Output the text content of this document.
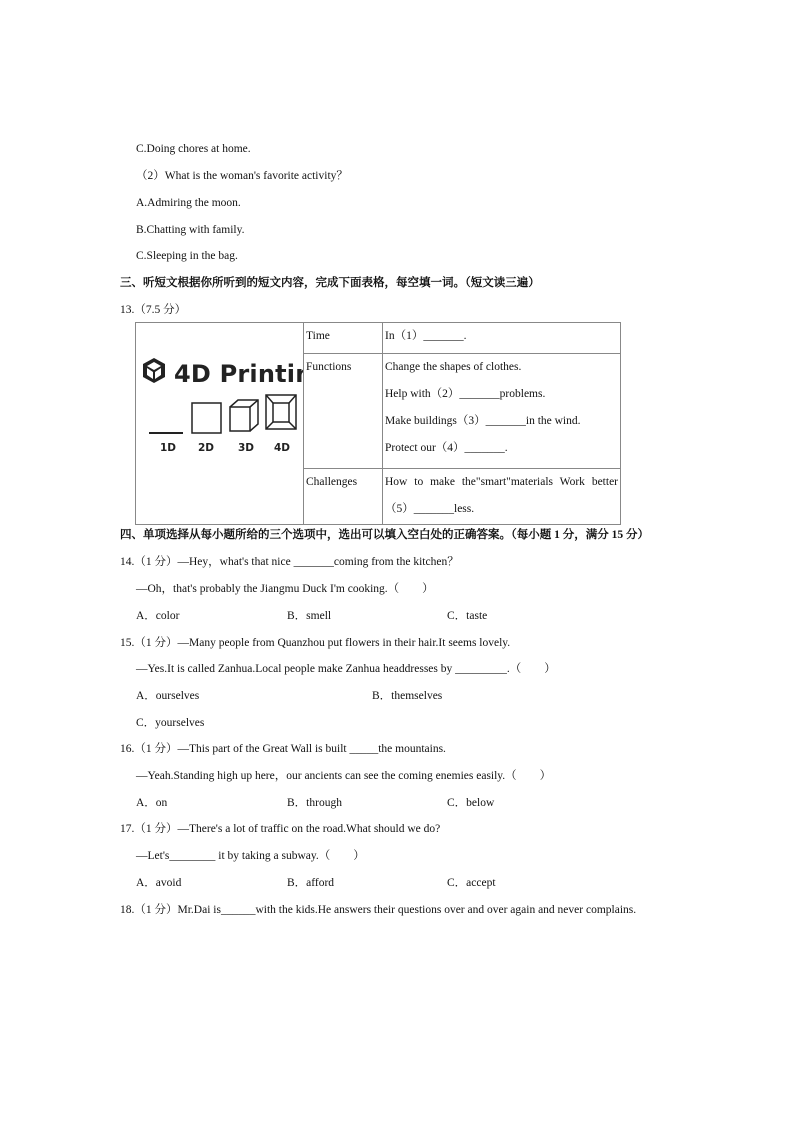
C.Doing chores at home.
（2）What is the woman's favorite activity？
A.Admiring the moon.
B.Chatting with family.
C.Sleeping in the bag.
三、听短文根据你所听到的短文内容，完成下面表格，每空填一词。（短文读三遍）
13.（7.5 分）
4D Printi
1D 2D 3D 4D	Time	In（1）_______.

	Functions	Change the shapes of clothes.
Help with（2）_______problems.
Make buildings（3）_______in the wind.
Protect our（4）_______.

	Challenges	How to make the"smart"materials Work better
（5）_______less.
四、单项选择从每小题所给的三个选项中，选出可以填入空白处的正确答案。（每小题 1 分，满分 15 分）
14.（1 分）—Hey，what's that nice _______coming from the kitchen？
—Oh，that's probably the Jiangmu Duck I'm cooking.（　　）
A．color	B．smell	C．taste
15.（1 分）—Many people from Quanzhou put flowers in their hair.It seems lovely.
—Yes.It is called Zanhua.Local people make Zanhua headdresses by _________.（　　）
A．ourselves	B．themselves
C．yourselves
16.（1 分）—This part of the Great Wall is built _____the mountains.
—Yeah.Standing high up here，our ancients can see the coming enemies easily.（　　）
A．on	B．through	C．below
17.（1 分）—There's a lot of traffic on the road.What should we do?
—Let's________ it by taking a subway.（　　）
A．avoid	B．afford	C．accept
18.（1 分）Mr.Dai is______with the kids.He answers their questions over and over again and never complains.
